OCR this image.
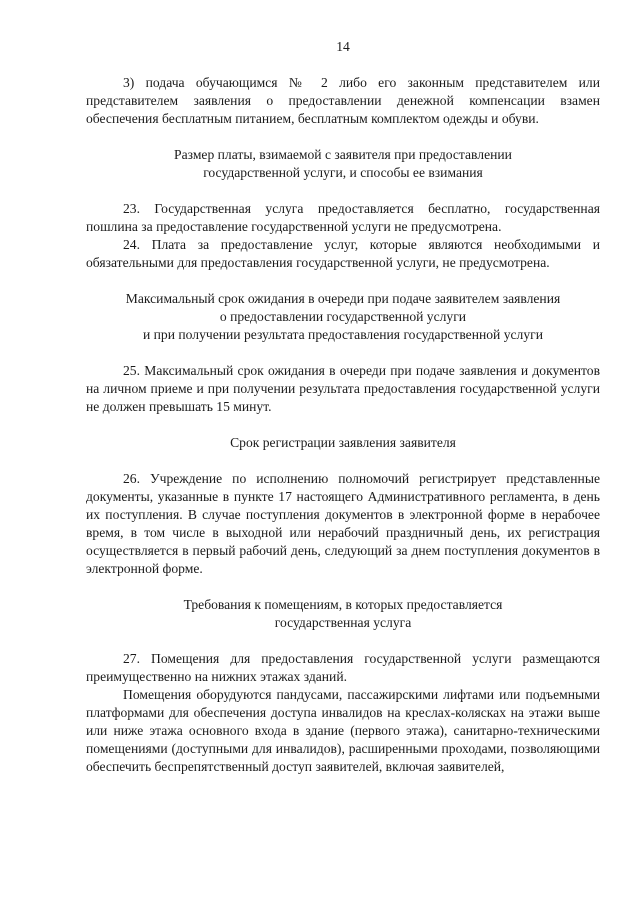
14

3) подача обучающимся № 2 либо его законным представителем или представителем заявления о предоставлении денежной компенсации взамен обеспечения бесплатным питанием, бесплатным комплектом одежды и обуви.

Размер платы, взимаемой с заявителя при предоставлении

государственной услуги, и способы ее взимания

23. Государственная услуга предоставляется бесплатно, государственная пошлина за предоставление государственной услуги не предусмотрена.

24. Плата за предоставление услуг, которые являются необходимыми и обязательными для предоставления государственной услуги, не предусмотрена.

Максимальный срок ожидания в очереди при подаче заявителем заявления

о предоставлении государственной услуги

и при получении результата предоставления государственной услуги

25. Максимальный срок ожидания в очереди при подаче заявления и документов на личном приеме и при получении результата предоставления государственной услуги не должен превышать 15 минут.

Срок регистрации заявления заявителя

26. Учреждение по исполнению полномочий регистрирует представленные документы, указанные в пункте 17 настоящего Административного регламента, в день их поступления. В случае поступления документов в электронной форме в нерабочее время, в том числе в выходной или нерабочий праздничный день, их регистрация осуществляется в первый рабочий день, следующий за днем поступления документов в электронной форме.

Требования к помещениям, в которых предоставляется

государственная услуга

27. Помещения для предоставления государственной услуги размещаются преимущественно на нижних этажах зданий.

Помещения оборудуются пандусами, пассажирскими лифтами или подъемными платформами для обеспечения доступа инвалидов на креслах-колясках на этажи выше или ниже этажа основного входа в здание (первого этажа), санитарно-техническими помещениями (доступными для инвалидов), расширенными проходами, позволяющими обеспечить беспрепятственный доступ заявителей, включая заявителей,
